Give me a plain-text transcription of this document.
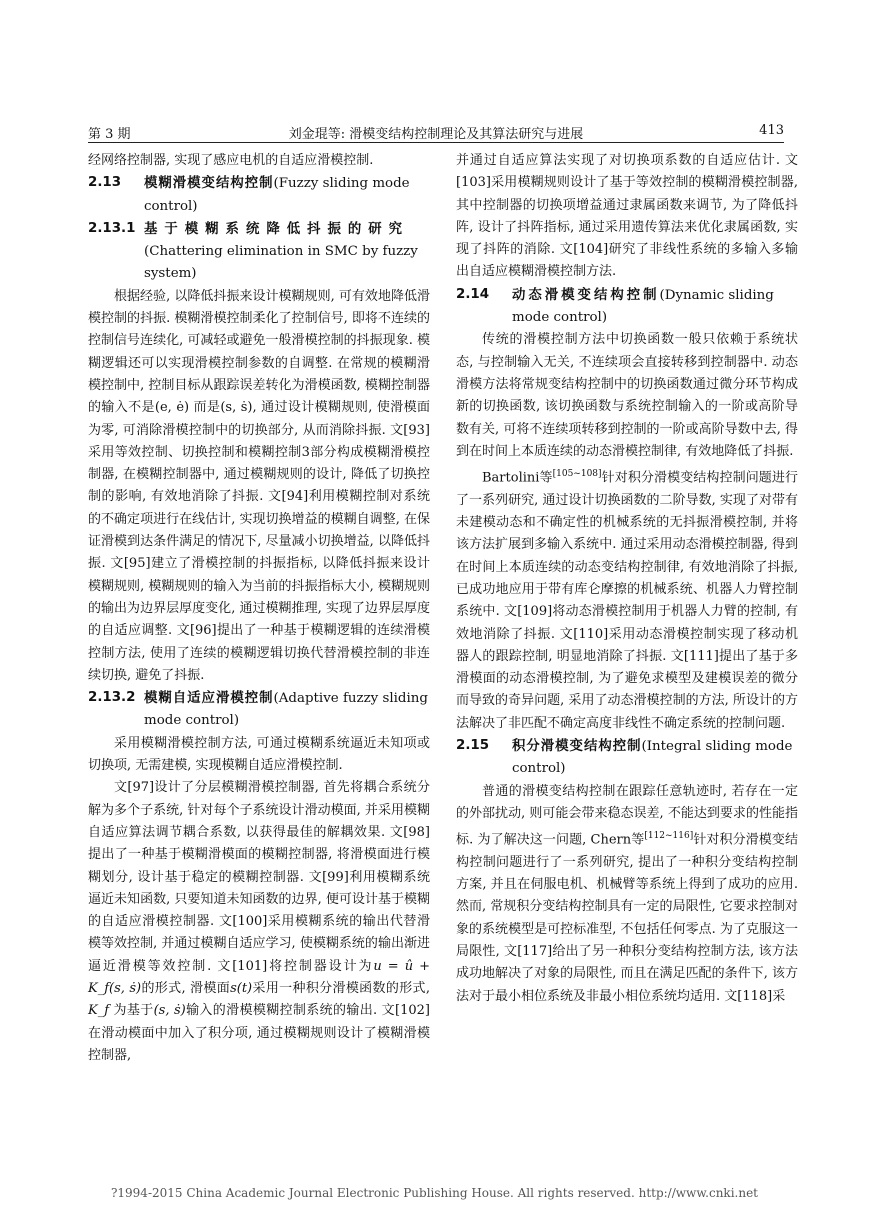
第 3 期	刘金琨等: 滑模变结构控制理论及其算法研究与进展	413

经网络控制器, 实现了感应电机的自适应滑模控制.

2.13 模糊滑模变结构控制(Fuzzy sliding mode control)

2.13.1 基于模糊系统降低抖振的研究(Chattering elimination in SMC by fuzzy system)

根据经验, 以降低抖振来设计模糊规则, 可有效地降低滑模控制的抖振. 模糊滑模控制柔化了控制信号, 即将不连续的控制信号连续化, 可减轻或避免一般滑模控制的抖振现象. 模糊逻辑还可以实现滑模控制参数的自调整. 在常规的模糊滑模控制中, 控制目标从跟踪误差转化为滑模函数, 模糊控制器的输入不是(e, ė) 而是(s, ṡ), 通过设计模糊规则, 使滑模面为零, 可消除滑模控制中的切换部分, 从而消除抖振. 文[93]采用等效控制、切换控制和模糊控制3部分构成模糊滑模控制器, 在模糊控制器中, 通过模糊规则的设计, 降低了切换控制的影响, 有效地消除了抖振. 文[94]利用模糊控制对系统的不确定项进行在线估计, 实现切换增益的模糊自调整, 在保证滑模到达条件满足的情况下, 尽量减小切换增益, 以降低抖振. 文[95]建立了滑模控制的抖振指标, 以降低抖振来设计模糊规则, 模糊规则的输入为当前的抖振指标大小, 模糊规则的输出为边界层厚度变化, 通过模糊推理, 实现了边界层厚度的自适应调整. 文[96]提出了一种基于模糊逻辑的连续滑模控制方法, 使用了连续的模糊逻辑切换代替滑模控制的非连续切换, 避免了抖振.

2.13.2 模糊自适应滑模控制(Adaptive fuzzy sliding mode control)

采用模糊滑模控制方法, 可通过模糊系统逼近未知项或切换项, 无需建模, 实现模糊自适应滑模控制.

文[97]设计了分层模糊滑模控制器, 首先将耦合系统分解为多个子系统, 针对每个子系统设计滑动模面, 并采用模糊自适应算法调节耦合系数, 以获得最佳的解耦效果. 文[98]提出了一种基于模糊滑模面的模糊控制器, 将滑模面进行模糊划分, 设计基于稳定的模糊控制器. 文[99]利用模糊系统逼近未知函数, 只要知道未知函数的边界, 便可设计基于模糊的自适应滑模控制器. 文[100]采用模糊系统的输出代替滑模等效控制, 并通过模糊自适应学习, 使模糊系统的输出渐进逼近滑模等效控制. 文[101]将控制器设计为u = û + K_f(s, ṡ)的形式, 滑模面s(t)采用一种积分滑模函数的形式, K_f 为基于(s, ṡ)输入的滑模模糊控制系统的输出. 文[102]在滑动模面中加入了积分项, 通过模糊规则设计了模糊滑模控制器,

并通过自适应算法实现了对切换项系数的自适应估计. 文[103]采用模糊规则设计了基于等效控制的模糊滑模控制器, 其中控制器的切换项增益通过隶属函数来调节, 为了降低抖阵, 设计了抖阵指标, 通过采用遗传算法来优化隶属函数, 实现了抖阵的消除. 文[104]研究了非线性系统的多输入多输出自适应模糊滑模控制方法.

2.14 动态滑模变结构控制(Dynamic sliding mode control)

传统的滑模控制方法中切换函数一般只依赖于系统状态, 与控制输入无关, 不连续项会直接转移到控制器中. 动态滑模方法将常规变结构控制中的切换函数通过微分环节构成新的切换函数, 该切换函数与系统控制输入的一阶或高阶导数有关, 可将不连续项转移到控制的一阶或高阶导数中去, 得到在时间上本质连续的动态滑模控制律, 有效地降低了抖振.

Bartolini等[105~108]针对积分滑模变结构控制问题进行了一系列研究, 通过设计切换函数的二阶导数, 实现了对带有未建模动态和不确定性的机械系统的无抖振滑模控制, 并将该方法扩展到多输入系统中. 通过采用动态滑模控制器, 得到在时间上本质连续的动态变结构控制律, 有效地消除了抖振, 已成功地应用于带有库仑摩擦的机械系统、机器人力臂控制系统中. 文[109]将动态滑模控制用于机器人力臂的控制, 有效地消除了抖振. 文[110]采用动态滑模控制实现了移动机器人的跟踪控制, 明显地消除了抖振. 文[111]提出了基于多滑模面的动态滑模控制, 为了避免求模型及建模误差的微分而导致的奇异问题, 采用了动态滑模控制的方法, 所设计的方法解决了非匹配不确定高度非线性不确定系统的控制问题.

2.15 积分滑模变结构控制(Integral sliding mode control)

普通的滑模变结构控制在跟踪任意轨迹时, 若存在一定的外部扰动, 则可能会带来稳态误差, 不能达到要求的性能指标. 为了解决这一问题, Chern等[112~116]针对积分滑模变结构控制问题进行了一系列研究, 提出了一种积分变结构控制方案, 并且在伺服电机、机械臂等系统上得到了成功的应用. 然而, 常规积分变结构控制具有一定的局限性, 它要求控制对象的系统模型是可控标准型, 不包括任何零点. 为了克服这一局限性, 文[117]给出了另一种积分变结构控制方法, 该方法成功地解决了对象的局限性, 而且在满足匹配的条件下, 该方法对于最小相位系统及非最小相位系统均适用. 文[118]采

?1994-2015 China Academic Journal Electronic Publishing House. All rights reserved. http://www.cnki.net
